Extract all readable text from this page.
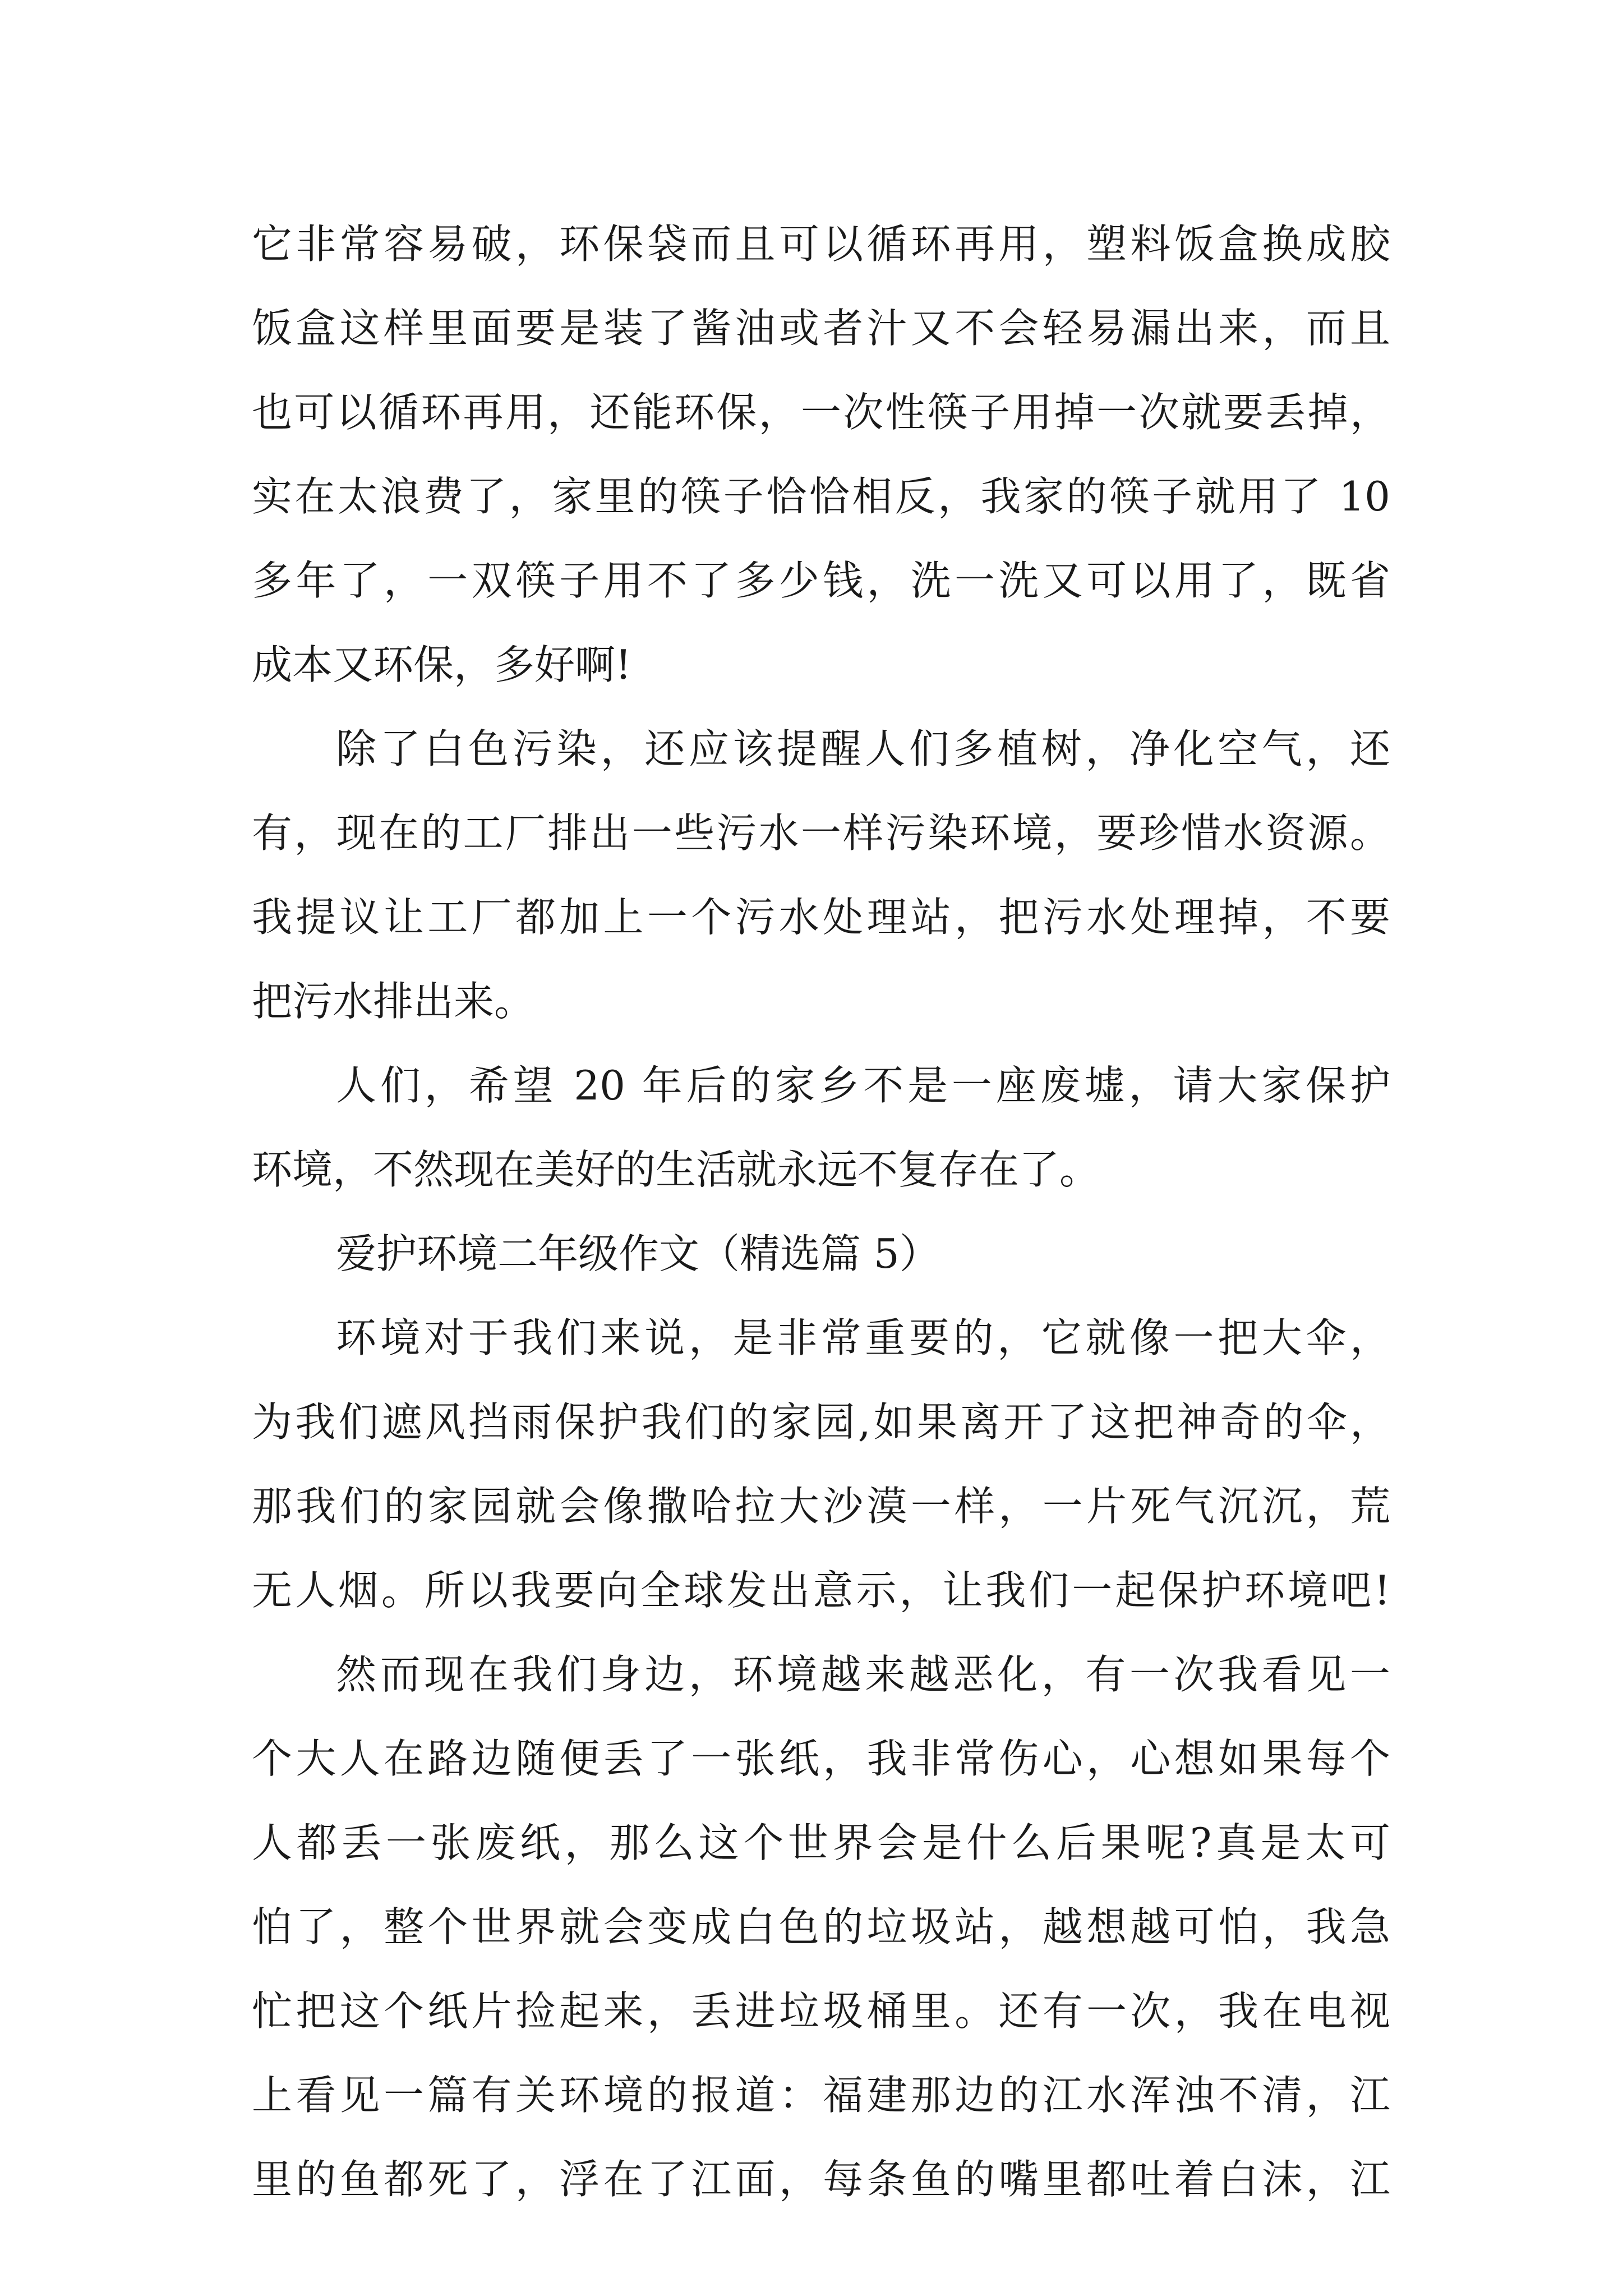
它非常容易破，环保袋而且可以循环再用，塑料饭盒换成胶
饭盒这样里面要是装了酱油或者汁又不会轻易漏出来，而且
也可以循环再用，还能环保，一次性筷子用掉一次就要丢掉，
实在太浪费了，家里的筷子恰恰相反，我家的筷子就用了 10
多年了，一双筷子用不了多少钱，洗一洗又可以用了，既省
成本又环保，多好啊!
除了白色污染，还应该提醒人们多植树，净化空气，还
有，现在的工厂排出一些污水一样污染环境，要珍惜水资源。
我提议让工厂都加上一个污水处理站，把污水处理掉，不要
把污水排出来。
人们，希望 20 年后的家乡不是一座废墟，请大家保护
环境，不然现在美好的生活就永远不复存在了。
爱护环境二年级作文（精选篇 5）
环境对于我们来说，是非常重要的，它就像一把大伞，
为我们遮风挡雨保护我们的家园,如果离开了这把神奇的伞，
那我们的家园就会像撒哈拉大沙漠一样，一片死气沉沉，荒
无人烟。所以我要向全球发出意示，让我们一起保护环境吧!
然而现在我们身边，环境越来越恶化，有一次我看见一
个大人在路边随便丢了一张纸，我非常伤心，心想如果每个
人都丢一张废纸，那么这个世界会是什么后果呢?真是太可
怕了，整个世界就会变成白色的垃圾站，越想越可怕，我急
忙把这个纸片捡起来，丢进垃圾桶里。还有一次，我在电视
上看见一篇有关环境的报道：福建那边的江水浑浊不清，江
里的鱼都死了，浮在了江面，每条鱼的嘴里都吐着白沫，江
